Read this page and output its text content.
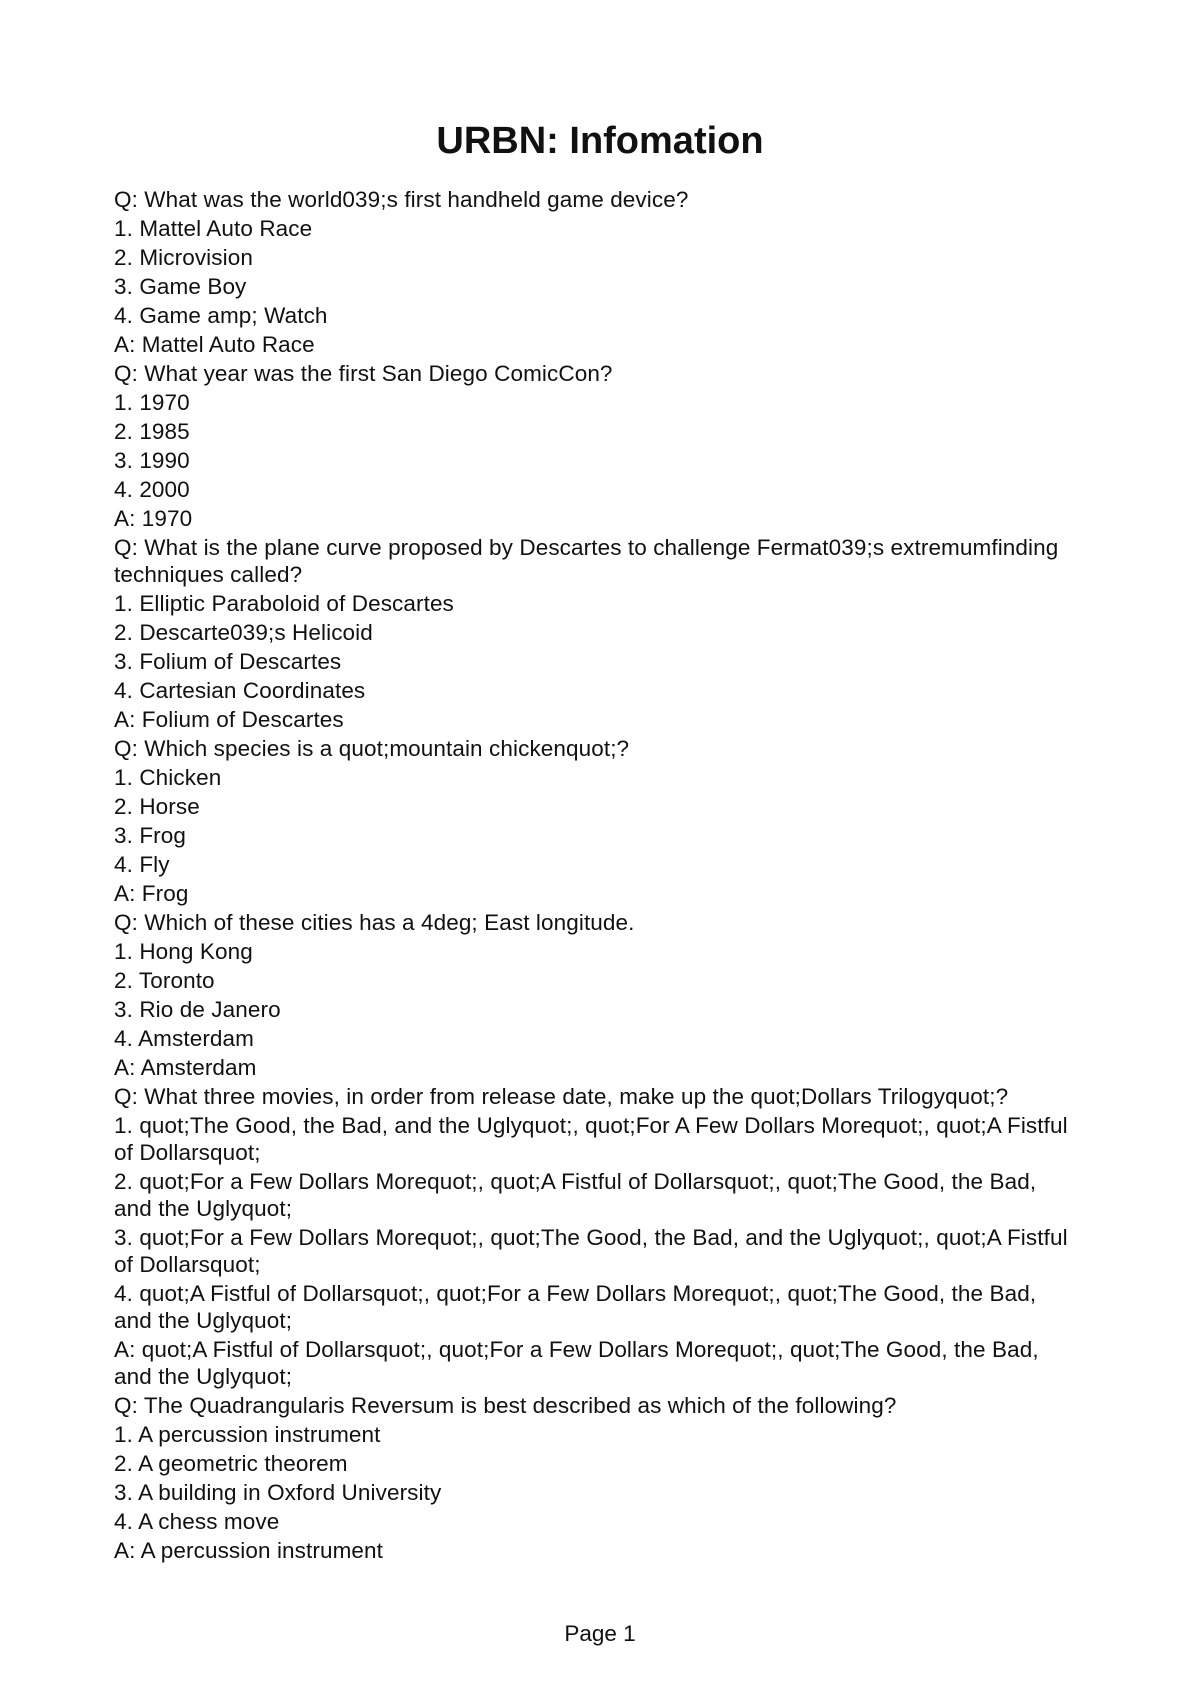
URBN: Infomation
Q: What was the world039;s first handheld game device?
1. Mattel Auto Race
2. Microvision
3. Game Boy
4. Game amp; Watch
A: Mattel Auto Race
Q: What year was the first San Diego ComicCon?
1. 1970
2. 1985
3. 1990
4. 2000
A: 1970
Q: What is the plane curve proposed by Descartes to challenge Fermat039;s extremumfinding techniques called?
1. Elliptic Paraboloid of Descartes
2. Descarte039;s Helicoid
3. Folium of Descartes
4. Cartesian Coordinates
A: Folium of Descartes
Q: Which species is a quot;mountain chickenquot;?
1. Chicken
2. Horse
3. Frog
4. Fly
A: Frog
Q: Which of these cities has a 4deg; East longitude.
1. Hong Kong
2. Toronto
3. Rio de Janero
4. Amsterdam
A: Amsterdam
Q: What three movies, in order from release date, make up the quot;Dollars Trilogyquot;?
1. quot;The Good, the Bad, and the Uglyquot;, quot;For A Few Dollars Morequot;, quot;A Fistful of Dollarsquot;
2. quot;For a Few Dollars Morequot;, quot;A Fistful of Dollarsquot;, quot;The Good, the Bad, and the Uglyquot;
3. quot;For a Few Dollars Morequot;, quot;The Good, the Bad, and the Uglyquot;, quot;A Fistful of Dollarsquot;
4. quot;A Fistful of Dollarsquot;, quot;For a Few Dollars Morequot;, quot;The Good, the Bad, and the Uglyquot;
A: quot;A Fistful of Dollarsquot;, quot;For a Few Dollars Morequot;, quot;The Good, the Bad, and the Uglyquot;
Q: The Quadrangularis Reversum is best described as which of the following?
1. A percussion instrument
2. A geometric theorem
3. A building in Oxford University
4. A chess move
A: A percussion instrument
Page 1
